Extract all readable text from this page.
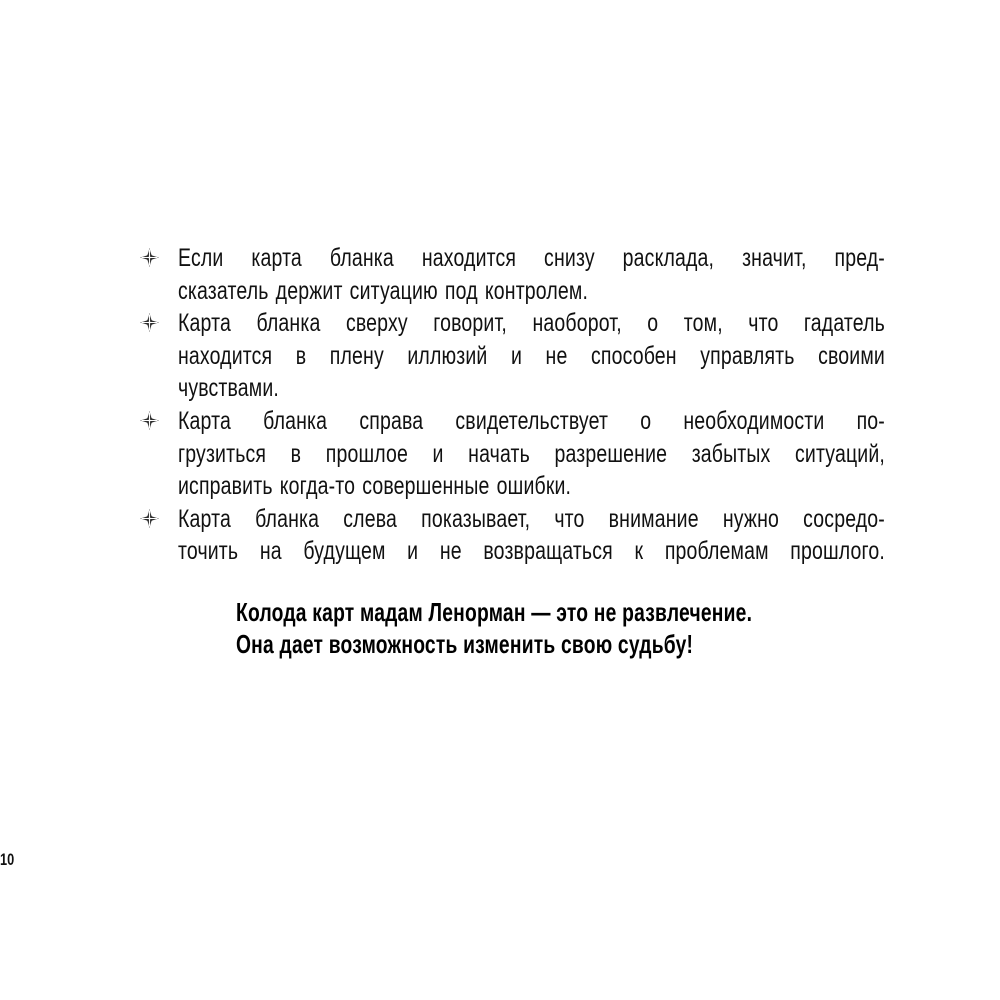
Если карта бланка находится снизу расклада, значит, пред-
сказатель держит ситуацию под контролем.
Карта бланка сверху говорит, наоборот, о том, что гадатель
находится в плену иллюзий и не способен управлять своими
чувствами.
Карта бланка справа свидетельствует о необходимости по-
грузиться в прошлое и начать разрешение забытых ситуаций,
исправить когда-то совершенные ошибки.
Карта бланка слева показывает, что внимание нужно сосредо-
точить на будущем и не возвращаться к проблемам прошлого.
Колода карт мадам Ленорман — это не развлечение.
Она дает возможность изменить свою судьбу!
10
